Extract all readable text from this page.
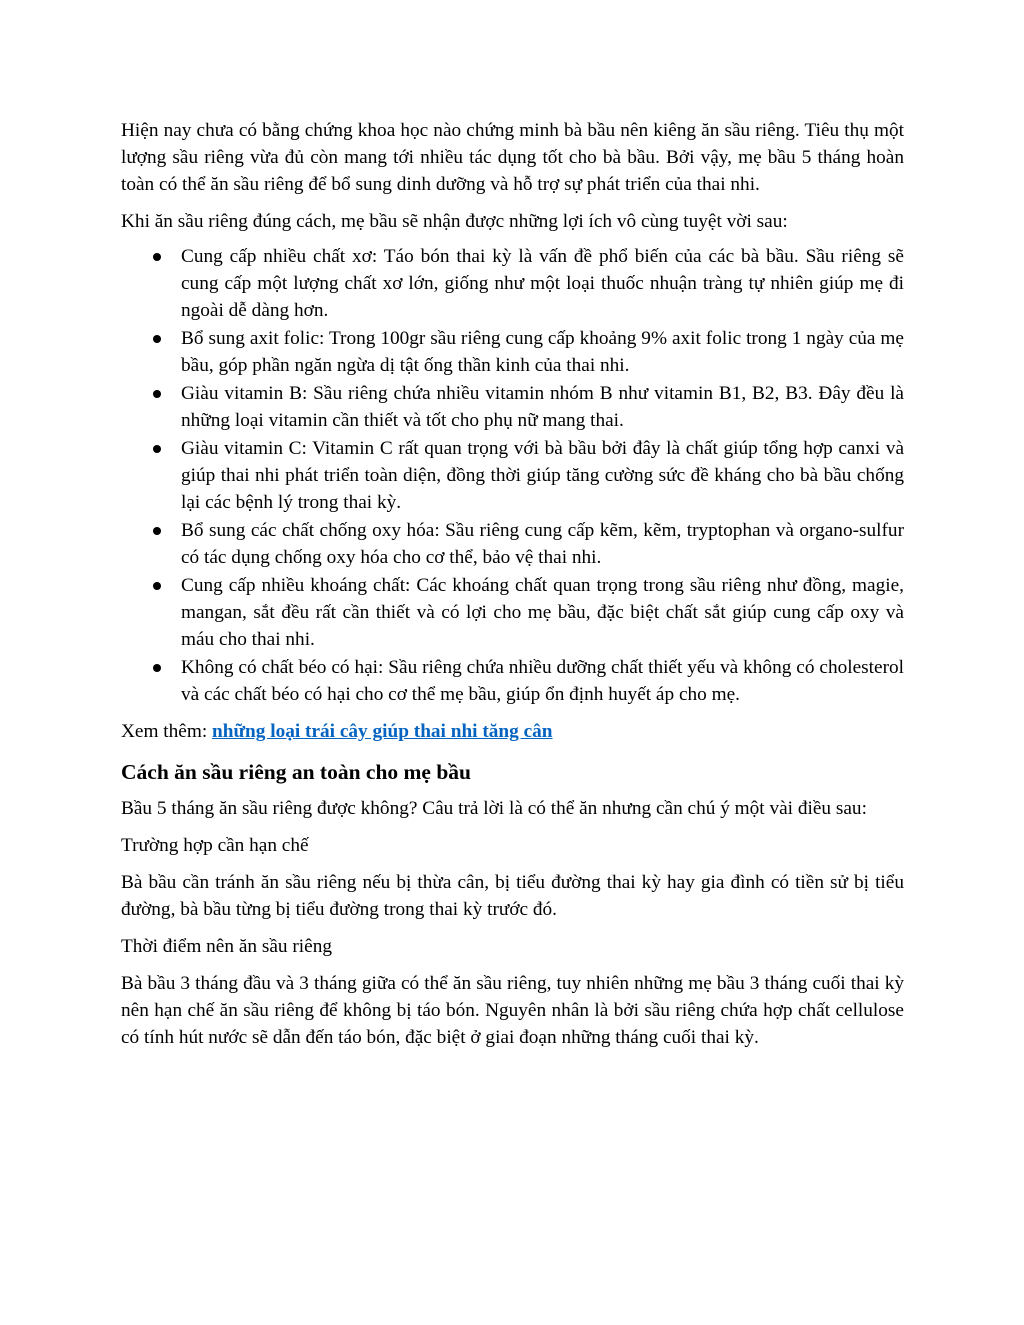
Hiện nay chưa có bằng chứng khoa học nào chứng minh bà bầu nên kiêng ăn sầu riêng. Tiêu thụ một lượng sầu riêng vừa đủ còn mang tới nhiều tác dụng tốt cho bà bầu. Bởi vậy, mẹ bầu 5 tháng hoàn toàn có thể ăn sầu riêng để bổ sung dinh dưỡng và hỗ trợ sự phát triển của thai nhi.

Khi ăn sầu riêng đúng cách, mẹ bầu sẽ nhận được những lợi ích vô cùng tuyệt vời sau:

Cung cấp nhiều chất xơ: Táo bón thai kỳ là vấn đề phổ biến của các bà bầu. Sầu riêng sẽ cung cấp một lượng chất xơ lớn, giống như một loại thuốc nhuận tràng tự nhiên giúp mẹ đi ngoài dễ dàng hơn.
Bổ sung axit folic: Trong 100gr sầu riêng cung cấp khoảng 9% axit folic trong 1 ngày của mẹ bầu, góp phần ngăn ngừa dị tật ống thần kinh của thai nhi.
Giàu vitamin B: Sầu riêng chứa nhiều vitamin nhóm B như vitamin B1, B2, B3. Đây đều là những loại vitamin cần thiết và tốt cho phụ nữ mang thai.
Giàu vitamin C: Vitamin C rất quan trọng với bà bầu bởi đây là chất giúp tổng hợp canxi và giúp thai nhi phát triển toàn diện, đồng thời giúp tăng cường sức đề kháng cho bà bầu chống lại các bệnh lý trong thai kỳ.
Bổ sung các chất chống oxy hóa: Sầu riêng cung cấp kẽm, kẽm, tryptophan và organo-sulfur có tác dụng chống oxy hóa cho cơ thể, bảo vệ thai nhi.
Cung cấp nhiều khoáng chất: Các khoáng chất quan trọng trong sầu riêng như đồng, magie, mangan, sắt đều rất cần thiết và có lợi cho mẹ bầu, đặc biệt chất sắt giúp cung cấp oxy và máu cho thai nhi.
Không có chất béo có hại: Sầu riêng chứa nhiều dưỡng chất thiết yếu và không có cholesterol và các chất béo có hại cho cơ thể mẹ bầu, giúp ổn định huyết áp cho mẹ.

Xem thêm: những loại trái cây giúp thai nhi tăng cân

Cách ăn sầu riêng an toàn cho mẹ bầu

Bầu 5 tháng ăn sầu riêng được không? Câu trả lời là có thể ăn nhưng cần chú ý một vài điều sau:

Trường hợp cần hạn chế

Bà bầu cần tránh ăn sầu riêng nếu bị thừa cân, bị tiểu đường thai kỳ hay gia đình có tiền sử bị tiểu đường, bà bầu từng bị tiểu đường trong thai kỳ trước đó.

Thời điểm nên ăn sầu riêng

Bà bầu 3 tháng đầu và 3 tháng giữa có thể ăn sầu riêng, tuy nhiên những mẹ bầu 3 tháng cuối thai kỳ nên hạn chế ăn sầu riêng để không bị táo bón. Nguyên nhân là bởi sầu riêng chứa hợp chất cellulose có tính hút nước sẽ dẫn đến táo bón, đặc biệt ở giai đoạn những tháng cuối thai kỳ.
